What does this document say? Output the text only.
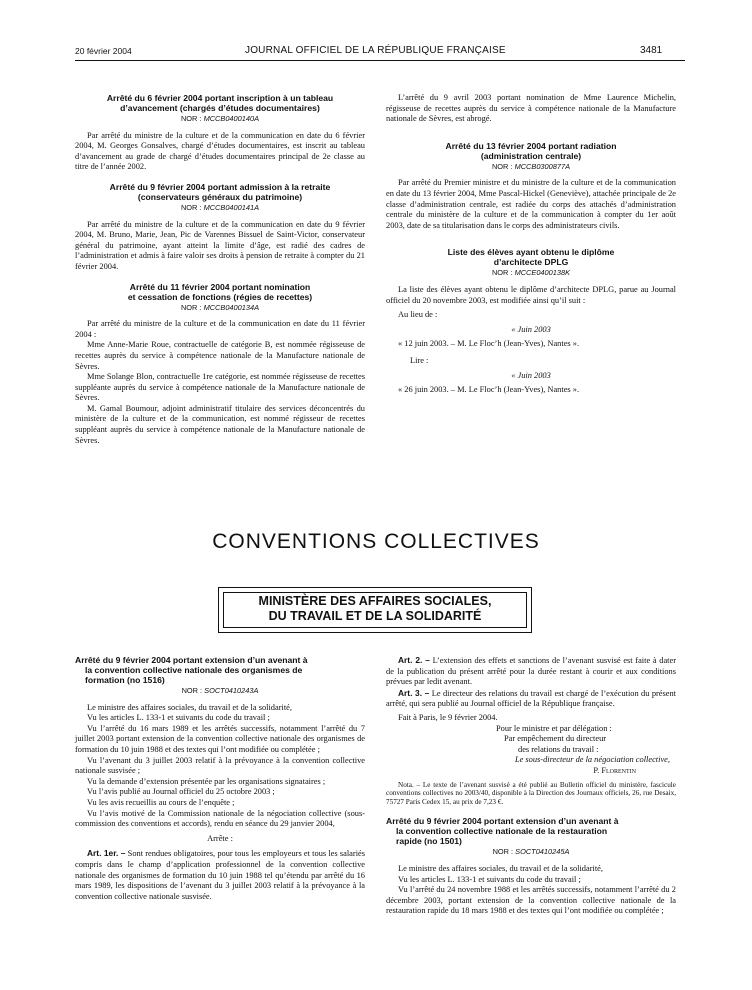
20 février 2004	JOURNAL OFFICIEL DE LA RÉPUBLIQUE FRANÇAISE	3481
Arrêté du 6 février 2004 portant inscription à un tableau
d’avancement (chargés d’études documentaires)
NOR : MCCB0400140A

Par arrêté du ministre de la culture et de la communication en date du 6 février 2004, M. Georges Gonsalves, chargé d’études documentaires, est inscrit au tableau d’avancement au grade de chargé d’études documentaires principal de 2e classe au titre de l’année 2002.

Arrêté du 9 février 2004 portant admission à la retraite
(conservateurs généraux du patrimoine)
NOR : MCCB0400141A

Par arrêté du ministre de la culture et de la communication en date du 9 février 2004, M. Bruno, Marie, Jean, Pic de Varennes Bissuel de Saint-Victor, conservateur général du patrimoine, ayant atteint la limite d’âge, est radié des cadres de l’administration et admis à faire valoir ses droits à pension de retraite à compter du 21 février 2004.

Arrêté du 11 février 2004 portant nomination
et cessation de fonctions (régies de recettes)
NOR : MCCB0400134A

Par arrêté du ministre de la culture et de la communication en date du 11 février 2004 :

Mme Anne-Marie Roue, contractuelle de catégorie B, est nommée régisseuse de recettes auprès du service à compétence nationale de la Manufacture nationale de Sèvres.

Mme Solange Blon, contractuelle 1re catégorie, est nommée régisseuse de recettes suppléante auprès du service à compétence nationale de la Manufacture nationale de Sèvres.

M. Gamal Boumour, adjoint administratif titulaire des services déconcentrés du ministère de la culture et de la communication, est nommé régisseur de recettes suppléant auprès du service à compétence nationale de la Manufacture nationale de Sèvres.

L’arrêté du 9 avril 2003 portant nomination de Mme Laurence Michelin, régisseuse de recettes auprès du service à compétence nationale de la Manufacture nationale de Sèvres, est abrogé.

Arrêté du 13 février 2004 portant radiation
(administration centrale)
NOR : MCCB0300877A

Par arrêté du Premier ministre et du ministre de la culture et de la communication en date du 13 février 2004, Mme Pascal-Hickel (Geneviève), attachée principale de 2e classe d’administration centrale, est radiée du corps des attachés d’administration centrale du ministère de la culture et de la communication à compter du 1er août 2003, date de sa titularisation dans le corps des administrateurs civils.

Liste des élèves ayant obtenu le diplôme
d’architecte DPLG
NOR : MCCE0400138K

La liste des élèves ayant obtenu le diplôme d’architecte DPLG, parue au Journal officiel du 20 novembre 2003, est modifiée ainsi qu’il suit :

Au lieu de :

« Juin 2003

« 12 juin 2003. – M. Le Floc’h (Jean-Yves), Nantes ».

Lire :

« Juin 2003

« 26 juin 2003. – M. Le Floc’h (Jean-Yves), Nantes ».

CONVENTIONS COLLECTIVES
MINISTÈRE DES AFFAIRES SOCIALES,
DU TRAVAIL ET DE LA SOLIDARITÉ
Arrêté du 9 février 2004 portant extension d’un avenant à
la convention collective nationale des organismes de
formation (no 1516)
NOR : SOCT0410243A

Le ministre des affaires sociales, du travail et de la solidarité,

Vu les articles L. 133-1 et suivants du code du travail ;

Vu l’arrêté du 16 mars 1989 et les arrêtés successifs, notamment l’arrêté du 7 juillet 2003 portant extension de la convention collective nationale des organismes de formation du 10 juin 1988 et des textes qui l’ont modifiée ou complétée ;

Vu l’avenant du 3 juillet 2003 relatif à la prévoyance à la convention collective nationale susvisée ;

Vu la demande d’extension présentée par les organisations signataires ;

Vu l’avis publié au Journal officiel du 25 octobre 2003 ;

Vu les avis recueillis au cours de l’enquête ;

Vu l’avis motivé de la Commission nationale de la négociation collective (sous-commission des conventions et accords), rendu en séance du 29 janvier 2004,

Arrête :

Art. 1er. – Sont rendues obligatoires, pour tous les employeurs et tous les salariés compris dans le champ d’application professionnel de la convention collective nationale des organismes de formation du 10 juin 1988 tel qu’étendu par arrêté du 16 mars 1989, les dispositions de l’avenant du 3 juillet 2003 relatif à la prévoyance à la convention collective nationale susvisée.

Art. 2. – L’extension des effets et sanctions de l’avenant susvisé est faite à dater de la publication du présent arrêté pour la durée restant à courir et aux conditions prévues par ledit avenant.

Art. 3. – Le directeur des relations du travail est chargé de l’exécution du présent arrêté, qui sera publié au Journal officiel de la République française.

Fait à Paris, le 9 février 2004.

Pour le ministre et par délégation :

Par empêchement du directeur

des relations du travail :

Le sous-directeur de la négociation collective,

P. Florentin

Nota. – Le texte de l’avenant susvisé a été publié au Bulletin officiel du ministère, fascicule conventions collectives no 2003/40, disponible à la Direction des Journaux officiels, 26, rue Desaix, 75727 Paris Cedex 15, au prix de 7,23 €.

Arrêté du 9 février 2004 portant extension d’un avenant à
la convention collective nationale de la restauration
rapide (no 1501)
NOR : SOCT0410245A

Le ministre des affaires sociales, du travail et de la solidarité,

Vu les articles L. 133-1 et suivants du code du travail ;

Vu l’arrêté du 24 novembre 1988 et les arrêtés successifs, notamment l’arrêté du 2 décembre 2003, portant extension de la convention collective nationale de la restauration rapide du 18 mars 1988 et des textes qui l’ont modifiée ou complétée ;
